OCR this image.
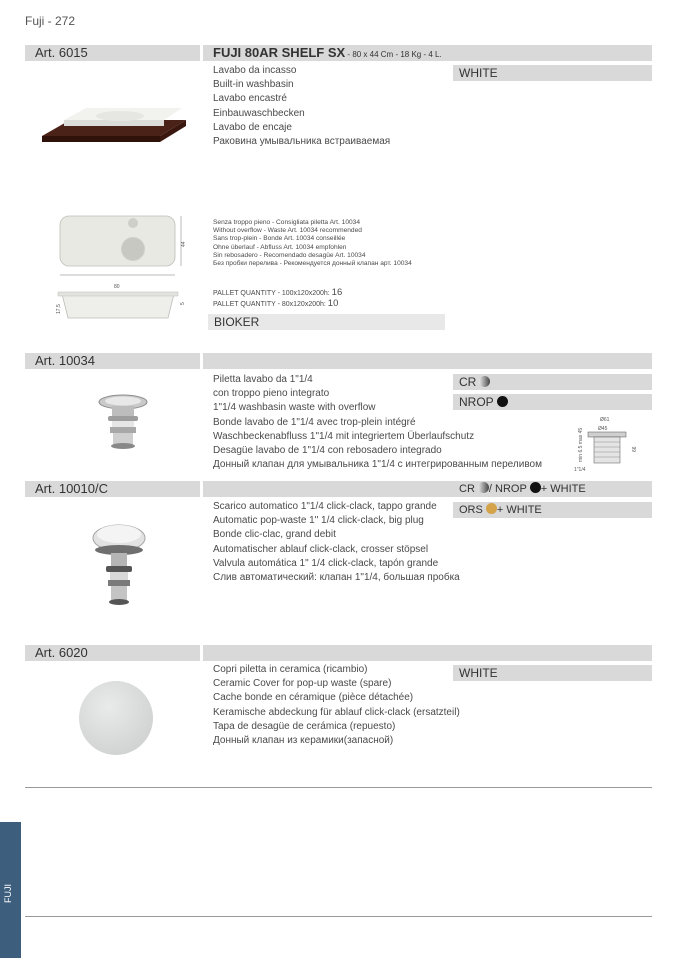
Fuji - 272
Art. 6015	FUJI 80AR SHELF SX - 80 x 44 Cm - 18 Kg - 4 L.
Lavabo da incasso
Built-in washbasin
Lavabo encastré
Einbauwaschbecken
Lavabo de encaje
Раковина умывальника встраиваемая
WHITE
80
44
17,5
5
Senza troppo pieno - Consigliata piletta Art. 10034
Without overflow - Waste Art. 10034 recommended
Sans trop-plein - Bonde Art. 10034 conseillée
Ohne überlauf - Abfluss Art. 10034 empfohlen
Sin rebosadero - Recomendado desagüe Art. 10034
Без пробки перелива - Рекомендуется донный клапан арт. 10034
PALLET QUANTITY - 100x120x200h: 16
PALLET QUANTITY - 80x120x200h: 10
BIOKER
Art. 10034
Piletta lavabo da 1"1/4
con troppo pieno integrato
1"1/4 washbasin waste with overflow
Bonde lavabo de 1"1/4 avec trop-plein intégré
Waschbeckenabfluss 1"1/4 mit integriertem Überlaufschutz
Desagüe lavabo de 1"1/4 con rebosadero integrado
Донный клапан для умывальника 1"1/4 с интегрированным переливом
CR
NROP
Ø61
Ø45
66
min 6.5 max 45
1"1/4
Art. 10010/C	CR / NROP + WHITE
ORS + WHITE
Scarico automatico 1"1/4 click-clack, tappo grande
Automatic pop-waste 1" 1/4 click-clack, big plug
Bonde clic-clac, grand debit
Automatischer ablauf click-clack, crosser stöpsel
Valvula automática 1" 1/4 click-clack, tapón grande
Слив автоматический: клапан 1"1/4, большая пробка
Art. 6020
Copri piletta in ceramica (ricambio)
Ceramic Cover for pop-up waste (spare)
Cache bonde en céramique (pièce détachée)
Keramische abdeckung für ablauf click-clack (ersatzteil)
Tapa de desagüe de cerámica (repuesto)
Донный клапан из керамики(запасной)
WHITE
FUJI
